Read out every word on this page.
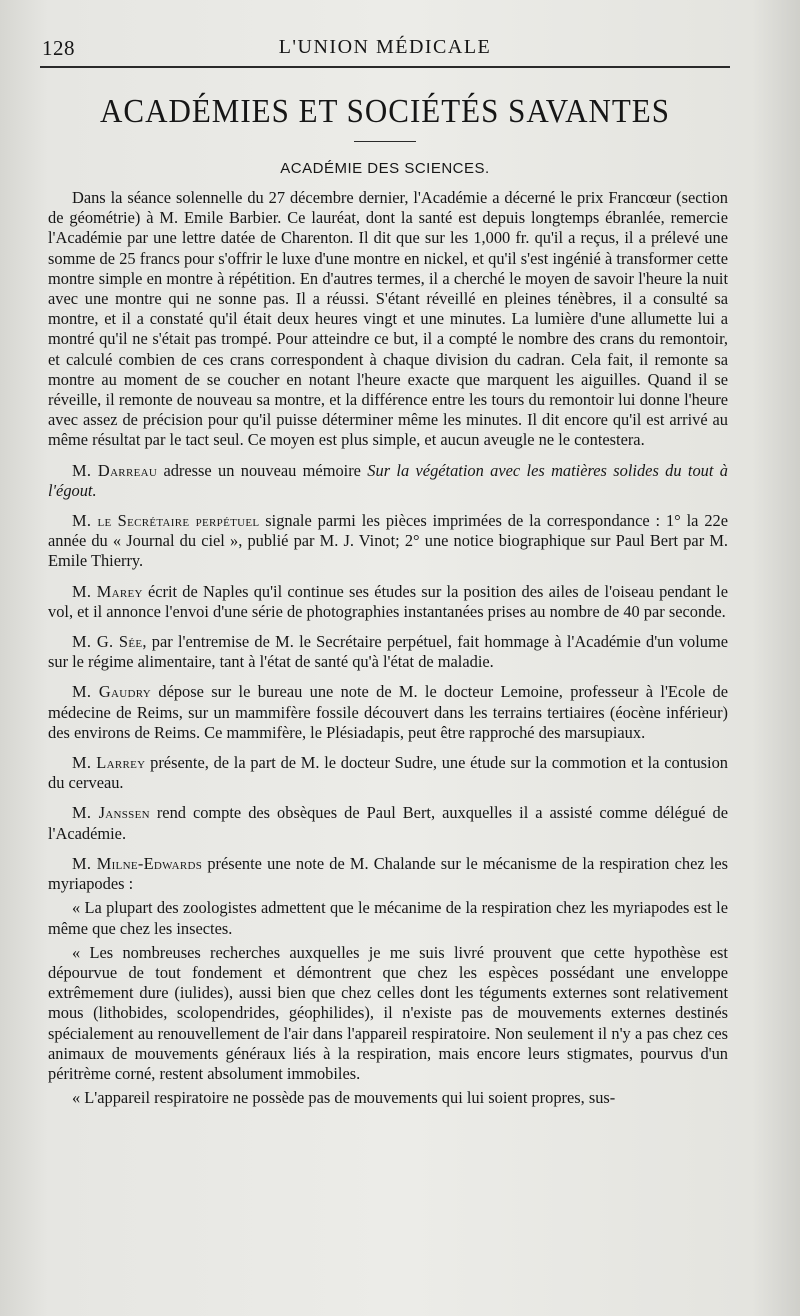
128	L'UNION MÉDICALE
ACADÉMIES ET SOCIÉTÉS SAVANTES
ACADÉMIE DES SCIENCES.

Dans la séance solennelle du 27 décembre dernier, l'Académie a décerné le prix Francœur (section de géométrie) à M. Emile Barbier. Ce lauréat, dont la santé est depuis longtemps ébranlée, remercie l'Académie par une lettre datée de Charenton. Il dit que sur les 1,000 fr. qu'il a reçus, il a prélevé une somme de 25 francs pour s'offrir le luxe d'une montre en nickel, et qu'il s'est ingénié à transformer cette montre simple en montre à répétition. En d'autres termes, il a cherché le moyen de savoir l'heure la nuit avec une montre qui ne sonne pas. Il a réussi. S'étant réveillé en pleines ténèbres, il a consulté sa montre, et il a constaté qu'il était deux heures vingt et une minutes. La lumière d'une allumette lui a montré qu'il ne s'était pas trompé. Pour atteindre ce but, il a compté le nombre des crans du remontoir, et calculé combien de ces crans correspondent à chaque division du cadran. Cela fait, il remonte sa montre au moment de se coucher en notant l'heure exacte que marquent les aiguilles. Quand il se réveille, il remonte de nouveau sa montre, et la différence entre les tours du remontoir lui donne l'heure avec assez de précision pour qu'il puisse déterminer même les minutes. Il dit encore qu'il est arrivé au même résultat par le tact seul. Ce moyen est plus simple, et aucun aveugle ne le contestera.

M. Darreau adresse un nouveau mémoire Sur la végétation avec les matières solides du tout à l'égout.

M. le Secrétaire perpétuel signale parmi les pièces imprimées de la correspondance : 1° la 22e année du « Journal du ciel », publié par M. J. Vinot; 2° une notice biographique sur Paul Bert par M. Emile Thierry.

M. Marey écrit de Naples qu'il continue ses études sur la position des ailes de l'oiseau pendant le vol, et il annonce l'envoi d'une série de photographies instantanées prises au nombre de 40 par seconde.

M. G. Sée, par l'entremise de M. le Secrétaire perpétuel, fait hommage à l'Académie d'un volume sur le régime alimentaire, tant à l'état de santé qu'à l'état de maladie.

M. Gaudry dépose sur le bureau une note de M. le docteur Lemoine, professeur à l'Ecole de médecine de Reims, sur un mammifère fossile découvert dans les terrains tertiaires (éocène inférieur) des environs de Reims. Ce mammifère, le Plésiadapis, peut être rapproché des marsupiaux.

M. Larrey présente, de la part de M. le docteur Sudre, une étude sur la commotion et la contusion du cerveau.

M. Janssen rend compte des obsèques de Paul Bert, auxquelles il a assisté comme délégué de l'Académie.

M. Milne-Edwards présente une note de M. Chalande sur le mécanisme de la respiration chez les myriapodes :

« La plupart des zoologistes admettent que le mécanime de la respiration chez les myriapodes est le même que chez les insectes.

« Les nombreuses recherches auxquelles je me suis livré prouvent que cette hypothèse est dépourvue de tout fondement et démontrent que chez les espèces possédant une enveloppe extrêmement dure (iulides), aussi bien que chez celles dont les téguments externes sont relativement mous (lithobides, scolopendrides, géophilides), il n'existe pas de mouvements externes destinés spécialement au renouvellement de l'air dans l'appareil respiratoire. Non seulement il n'y a pas chez ces animaux de mouvements généraux liés à la respiration, mais encore leurs stigmates, pourvus d'un péritrème corné, restent absolument immobiles.

« L'appareil respiratoire ne possède pas de mouvements qui lui soient propres, sus-
